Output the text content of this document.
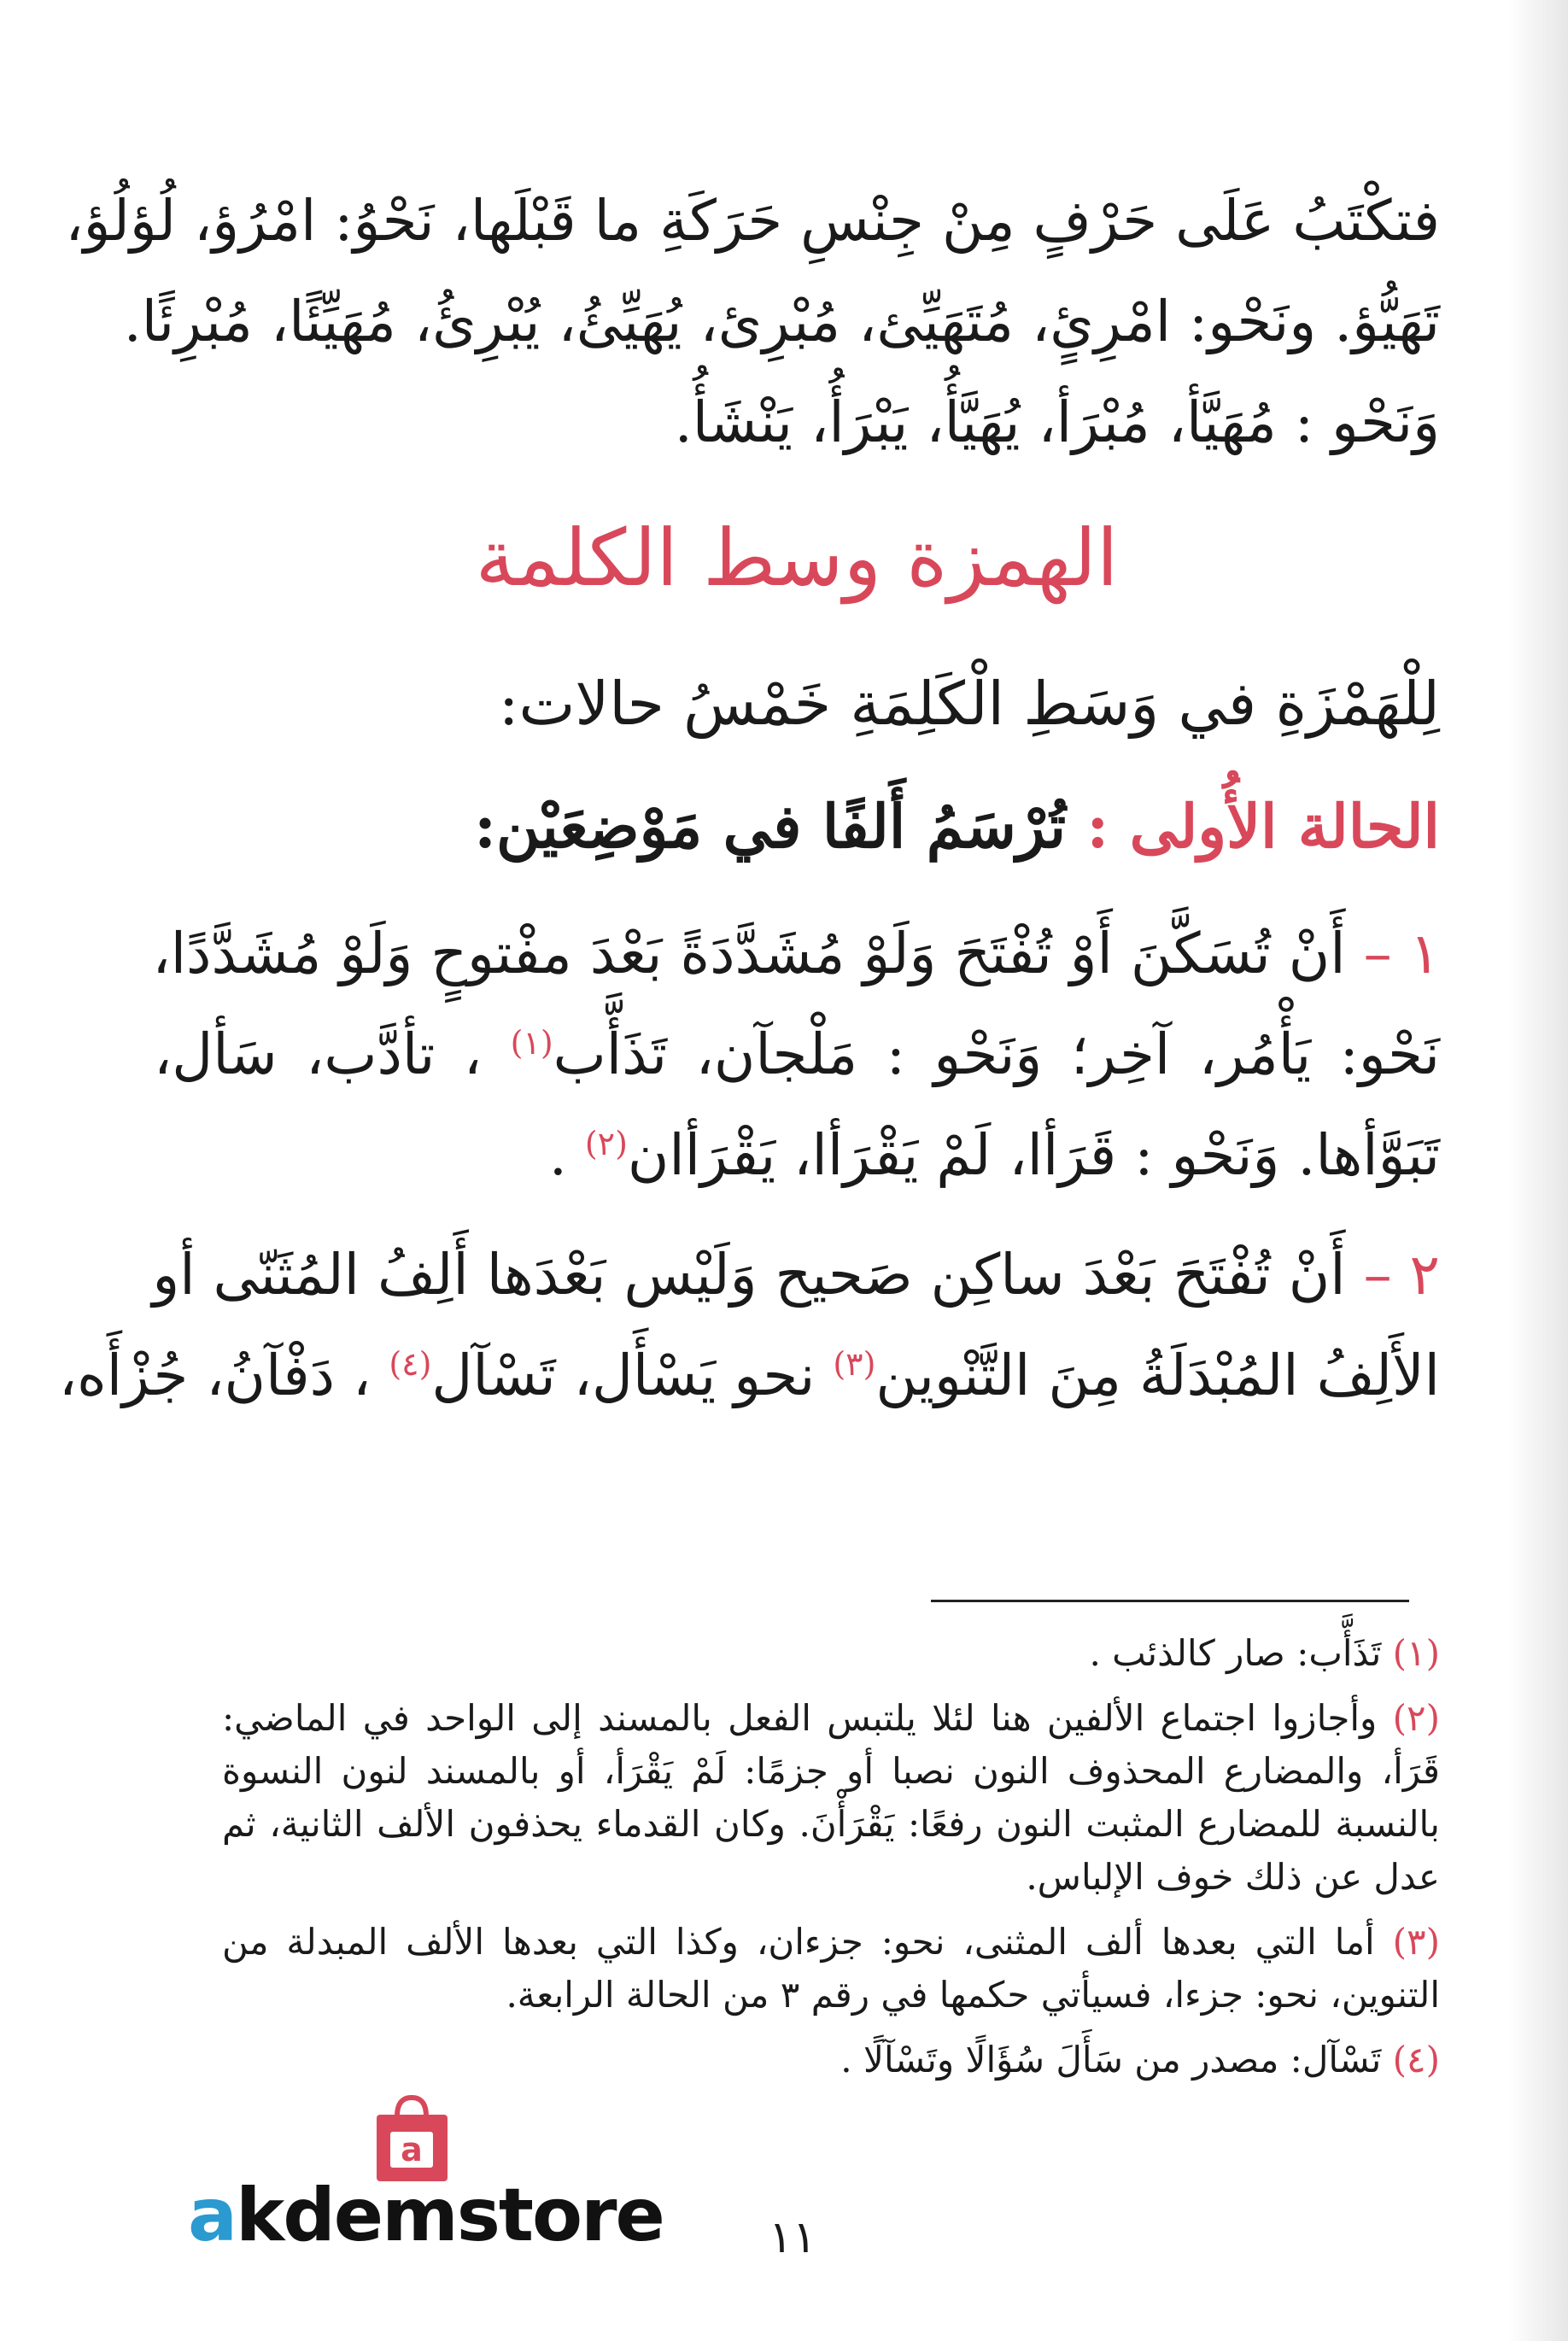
فتكْتَبُ عَلَى حَرْفٍ مِنْ جِنْسِ حَرَكَةِ ما قَبْلَها، نَحْوُ: امْرُؤ، لُؤلُؤ،
تَهَيُّؤ. ونَحْو: امْرِئٍ، مُتَهَيِّئ، مُبْرِئ، يُهَيِّئُ، يُبْرِئُ، مُهَيِّئًا، مُبْرِئًا.
وَنَحْو : مُهَيَّأ، مُبْرَأ، يُهَيَّأُ، يَبْرَأُ، يَنْشَأُ.
الهمزة وسط الكلمة
لِلْهَمْزَةِ في وَسَطِ الْكَلِمَةِ خَمْسُ حالات:
الحالة الأُولى : تُرْسَمُ أَلفًا في مَوْضِعَيْن:
١ – أَنْ تُسَكَّنَ أَوْ تُفْتَحَ وَلَوْ مُشَدَّدَةً بَعْدَ مفْتوحٍ وَلَوْ مُشَدَّدًا،
نَحْو: يَأْمُر، آخِر؛ وَنَحْو : مَلْجآن، تَذَأَّب$^{(١)}$ ، تأدَّب، سَأل،
تَبَوَّأها. وَنَحْو : قَرَأا، لَمْ يَقْرَأا، يَقْرَأان$^{(٢)}$ .
٢ – أَنْ تُفْتَحَ بَعْدَ ساكِن صَحيح وَلَيْس بَعْدَها أَلِفُ المُثَنّى أو
الأَلِفُ المُبْدَلَةُ مِنَ التَّنْوين$^{(٣)}$ نحو يَسْأَل، تَسْآل$^{(٤)}$ ، دَفْآنُ، جُزْأَه،
(١) تَذَأَّب: صار كالذئب .
(٢) وأجازوا اجتماع الألفين هنا لئلا يلتبس الفعل بالمسند إلى الواحد في الماضي: قَرَأ، والمضارع المحذوف النون نصبا أو جزمًا: لَمْ يَقْرَأ، أو بالمسند لنون النسوة بالنسبة للمضارع المثبت النون رفعًا: يَقْرَأْنَ. وكان القدماء يحذفون الألف الثانية، ثم عدل عن ذلك خوف الإلباس.
(٣) أما التي بعدها ألف المثنى، نحو: جزءان، وكذا التي بعدها الألف المبدلة من التنوين، نحو: جزءا، فسيأتي حكمها في رقم ٣ من الحالة الرابعة.
(٤) تَسْآل: مصدر من سَأَلَ سُؤَالًا وتَسْآلًا .
a
akdemstore ١١
